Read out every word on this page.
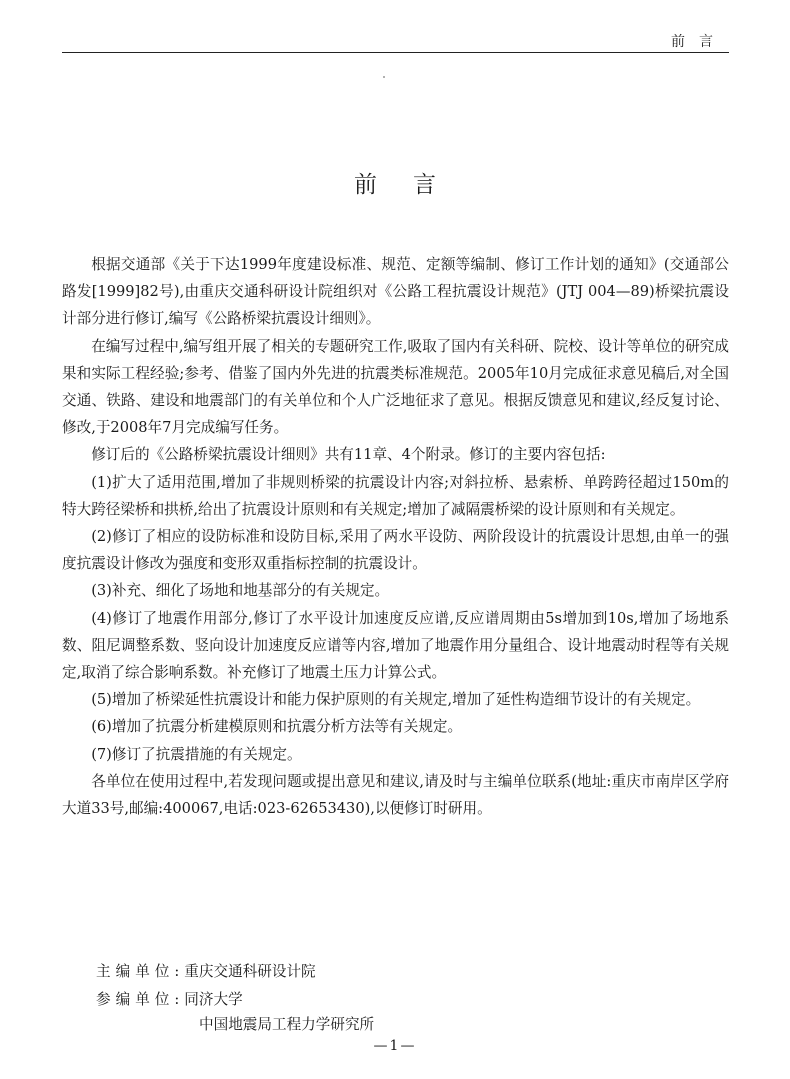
前言
前言

根据交通部《关于下达1999年度建设标准、规范、定额等编制、修订工作计划的通知》(交通部公路发[1999]82号),由重庆交通科研设计院组织对《公路工程抗震设计规范》(JTJ 004—89)桥梁抗震设计部分进行修订,编写《公路桥梁抗震设计细则》。

在编写过程中,编写组开展了相关的专题研究工作,吸取了国内有关科研、院校、设计等单位的研究成果和实际工程经验;参考、借鉴了国内外先进的抗震类标准规范。2005年10月完成征求意见稿后,对全国交通、铁路、建设和地震部门的有关单位和个人广泛地征求了意见。根据反馈意见和建议,经反复讨论、修改,于2008年7月完成编写任务。

修订后的《公路桥梁抗震设计细则》共有11章、4个附录。修订的主要内容包括:

(1)扩大了适用范围,增加了非规则桥梁的抗震设计内容;对斜拉桥、悬索桥、单跨跨径超过150m的特大跨径梁桥和拱桥,给出了抗震设计原则和有关规定;增加了减隔震桥梁的设计原则和有关规定。

(2)修订了相应的设防标准和设防目标,采用了两水平设防、两阶段设计的抗震设计思想,由单一的强度抗震设计修改为强度和变形双重指标控制的抗震设计。

(3)补充、细化了场地和地基部分的有关规定。

(4)修订了地震作用部分,修订了水平设计加速度反应谱,反应谱周期由5s增加到10s,增加了场地系数、阻尼调整系数、竖向设计加速度反应谱等内容,增加了地震作用分量组合、设计地震动时程等有关规定,取消了综合影响系数。补充修订了地震土压力计算公式。

(5)增加了桥梁延性抗震设计和能力保护原则的有关规定,增加了延性构造细节设计的有关规定。

(6)增加了抗震分析建模原则和抗震分析方法等有关规定。

(7)修订了抗震措施的有关规定。

各单位在使用过程中,若发现问题或提出意见和建议,请及时与主编单位联系(地址:重庆市南岸区学府大道33号,邮编:400067,电话:023-62653430),以便修订时研用。

主编单位:重庆交通科研设计院
参编单位:同济大学
中国地震局工程力学研究所
—1—
